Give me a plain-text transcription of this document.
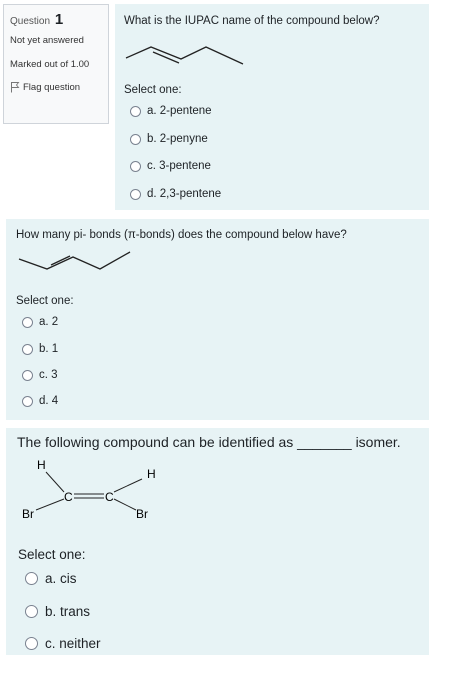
Question 1
Not yet answered
Marked out of 1.00
Flag question
What is the IUPAC name of the compound below?
Select one:
a. 2-pentene
b. 2-penyne
c. 3-pentene
d. 2,3-pentene
How many pi- bonds (π-bonds) does the compound below have?
Select one:
a. 2
b. 1
c. 3
d. 4
The following compound can be identified as _______ isomer.
H
H
C	C
Br	Br
Select one:
a. cis
b. trans
c. neither
